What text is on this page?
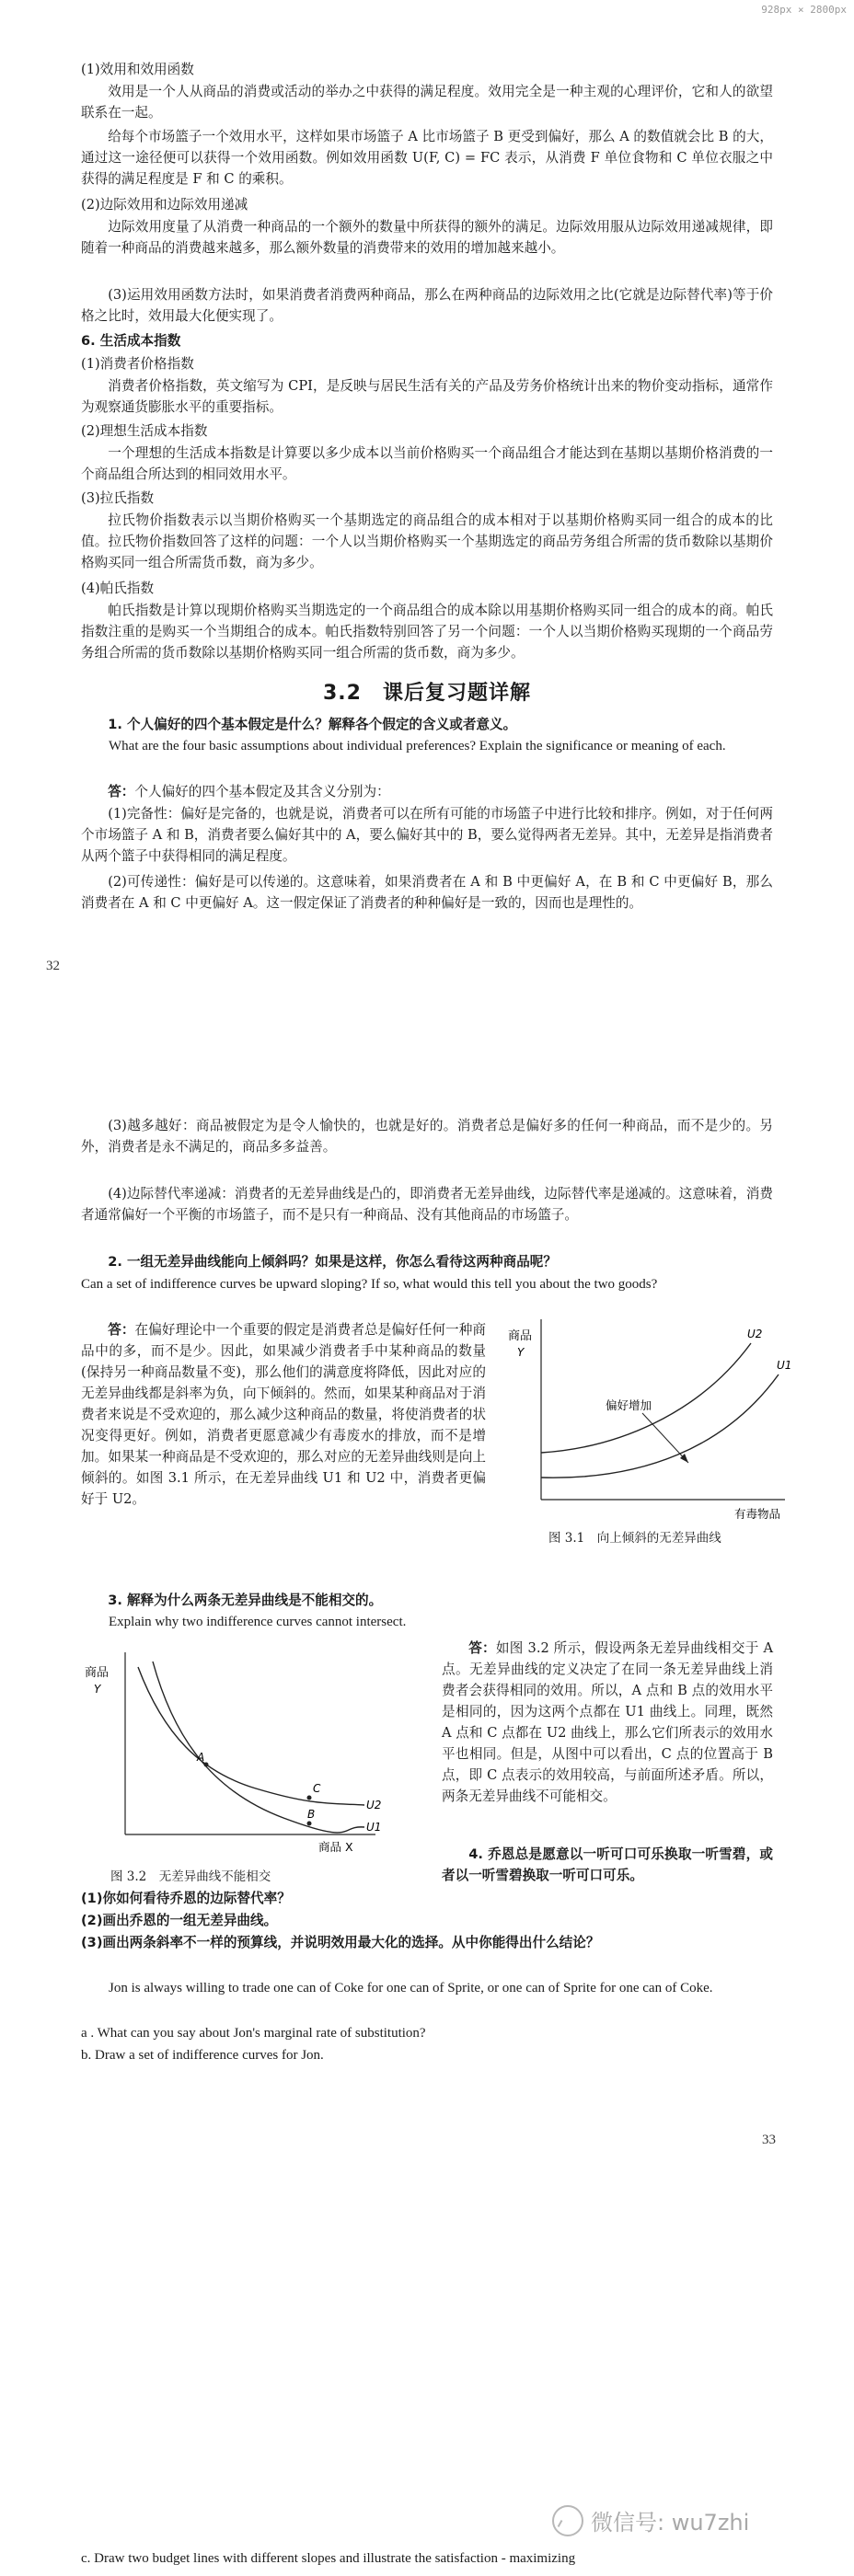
928px × 2800px

(1)效用和效用函数

效用是一个人从商品的消费或活动的举办之中获得的满足程度。效用完全是一种主观的心理评价，它和人的欲望联系在一起。

给每个市场篮子一个效用水平，这样如果市场篮子 A 比市场篮子 B 更受到偏好，那么 A 的数值就会比 B 的大，通过这一途径便可以获得一个效用函数。例如效用函数 U(F, C) = FC 表示，从消费 F 单位食物和 C 单位衣服之中获得的满足程度是 F 和 C 的乘积。

(2)边际效用和边际效用递减

边际效用度量了从消费一种商品的一个额外的数量中所获得的额外的满足。边际效用服从边际效用递减规律，即随着一种商品的消费越来越多，那么额外数量的消费带来的效用的增加越来越小。

(3)运用效用函数方法时，如果消费者消费两种商品，那么在两种商品的边际效用之比(它就是边际替代率)等于价格之比时，效用最大化便实现了。

6. 生活成本指数

(1)消费者价格指数

消费者价格指数，英文缩写为 CPI，是反映与居民生活有关的产品及劳务价格统计出来的物价变动指标，通常作为观察通货膨胀水平的重要指标。

(2)理想生活成本指数

一个理想的生活成本指数是计算要以多少成本以当前价格购买一个商品组合才能达到在基期以基期价格消费的一个商品组合所达到的相同效用水平。

(3)拉氏指数

拉氏物价指数表示以当期价格购买一个基期选定的商品组合的成本相对于以基期价格购买同一组合的成本的比值。拉氏物价指数回答了这样的问题：一个人以当期价格购买一个基期选定的商品劳务组合所需的货币数除以基期价格购买同一组合所需货币数，商为多少。

(4)帕氏指数

帕氏指数是计算以现期价格购买当期选定的一个商品组合的成本除以用基期价格购买同一组合的成本的商。帕氏指数注重的是购买一个当期组合的成本。帕氏指数特别回答了另一个问题：一个人以当期价格购买现期的一个商品劳务组合所需的货币数除以基期价格购买同一组合所需的货币数，商为多少。

3.2　课后复习题详解

1. 个人偏好的四个基本假定是什么？解释各个假定的含义或者意义。

What are the four basic assumptions about individual preferences? Explain the significance or meaning of each.

答：个人偏好的四个基本假定及其含义分别为：

(1)完备性：偏好是完备的，也就是说，消费者可以在所有可能的市场篮子中进行比较和排序。例如，对于任何两个市场篮子 A 和 B，消费者要么偏好其中的 A，要么偏好其中的 B，要么觉得两者无差异。其中，无差异是指消费者从两个篮子中获得相同的满足程度。

(2)可传递性：偏好是可以传递的。这意味着，如果消费者在 A 和 B 中更偏好 A，在 B 和 C 中更偏好 B，那么消费者在 A 和 C 中更偏好 A。这一假定保证了消费者的种种偏好是一致的，因而也是理性的。

32

(3)越多越好：商品被假定为是令人愉快的，也就是好的。消费者总是偏好多的任何一种商品，而不是少的。另外，消费者是永不满足的，商品多多益善。

(4)边际替代率递减：消费者的无差异曲线是凸的，即消费者无差异曲线，边际替代率是递减的。这意味着，消费者通常偏好一个平衡的市场篮子，而不是只有一种商品、没有其他商品的市场篮子。

2. 一组无差异曲线能向上倾斜吗？如果是这样，你怎么看待这两种商品呢？

Can a set of indifference curves be upward sloping? If so, what would this tell you about the two goods?

答：在偏好理论中一个重要的假定是消费者总是偏好任何一种商品中的多，而不是少。因此，如果减少消费者手中某种商品的数量(保持另一种商品数量不变)，那么他们的满意度将降低，因此对应的无差异曲线都是斜率为负，向下倾斜的。然而，如果某种商品对于消费者来说是不受欢迎的，那么减少这种商品的数量，将使消费者的状况变得更好。例如，消费者更愿意减少有毒废水的排放，而不是增加。如果某一种商品是不受欢迎的，那么对应的无差异曲线则是向上倾斜的。如图 3.1 所示，在无差异曲线 U1 和 U2 中，消费者更偏好于 U2。

商品
Y
U2
U1
偏好增加
有毒物品
图 3.1　向上倾斜的无差异曲线

3. 解释为什么两条无差异曲线是不能相交的。

Explain why two indifference curves cannot intersect.

商品
Y
A
C
B
U2
U1
商品 X
图 3.2　无差异曲线不能相交

答：如图 3.2 所示，假设两条无差异曲线相交于 A 点。无差异曲线的定义决定了在同一条无差异曲线上消费者会获得相同的效用。所以，A 点和 B 点的效用水平是相同的，因为这两个点都在 U1 曲线上。同理，既然 A 点和 C 点都在 U2 曲线上，那么它们所表示的效用水平也相同。但是，从图中可以看出，C 点的位置高于 B 点，即 C 点表示的效用较高，与前面所述矛盾。所以，两条无差异曲线不可能相交。

4. 乔恩总是愿意以一听可口可乐换取一听雪碧，或者以一听雪碧换取一听可口可乐。

(1)你如何看待乔恩的边际替代率？

(2)画出乔恩的一组无差异曲线。

(3)画出两条斜率不一样的预算线，并说明效用最大化的选择。从中你能得出什么结论？

Jon is always willing to trade one can of Coke for one can of Sprite, or one can of Sprite for one can of Coke.

a . What can you say about Jon's marginal rate of substitution?

b. Draw a set of indifference curves for Jon.

33
微信号: wu7zhi

c. Draw two budget lines with different slopes and illustrate the satisfaction - maximizing
